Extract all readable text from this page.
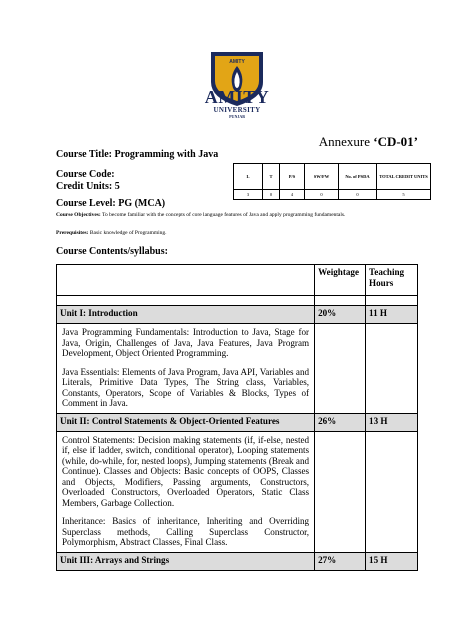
AMITY
AMITY
UNIVERSITY
PUNJAB
Annexure ‘CD-01’
Course Title: Programming with Java
Course Code:
Credit Units: 5
L	T	P/S	SW/FW	No. of PSDA	TOTAL CREDIT UNITS
3	0	4	0	0	5
Course Level: PG (MCA)
Course Objectives: To become familiar with the concepts of core language features of Java and apply programming fundamentals.
Prerequisites: Basic knowledge of Programming.
Course Contents/syllabus:
	Weightage	Teaching Hours

Unit I: Introduction	20%	11 H

Java Programming Fundamentals: Introduction to Java, Stage for Java, Origin, Challenges of Java, Java Features, Java Program Development, Object Oriented Programming.

Java Essentials: Elements of Java Program, Java API, Variables and Literals, Primitive Data Types, The String class, Variables, Constants, Operators, Scope of Variables & Blocks, Types of Comment in Java.		

Unit II: Control Statements & Object-Oriented Features	26%	13 H

Control Statements: Decision making statements (if, if-else, nested if, else if ladder, switch, conditional operator), Looping statements (while, do-while, for, nested loops), Jumping statements (Break and Continue). Classes and Objects: Basic concepts of OOPS, Classes and Objects, Modifiers, Passing arguments, Constructors, Overloaded Constructors, Overloaded Operators, Static Class Members, Garbage Collection.

Inheritance: Basics of inheritance, Inheriting and Overriding Superclass methods, Calling Superclass Constructor, Polymorphism, Abstract Classes, Final Class.		

Unit III: Arrays and Strings	27%	15 H
